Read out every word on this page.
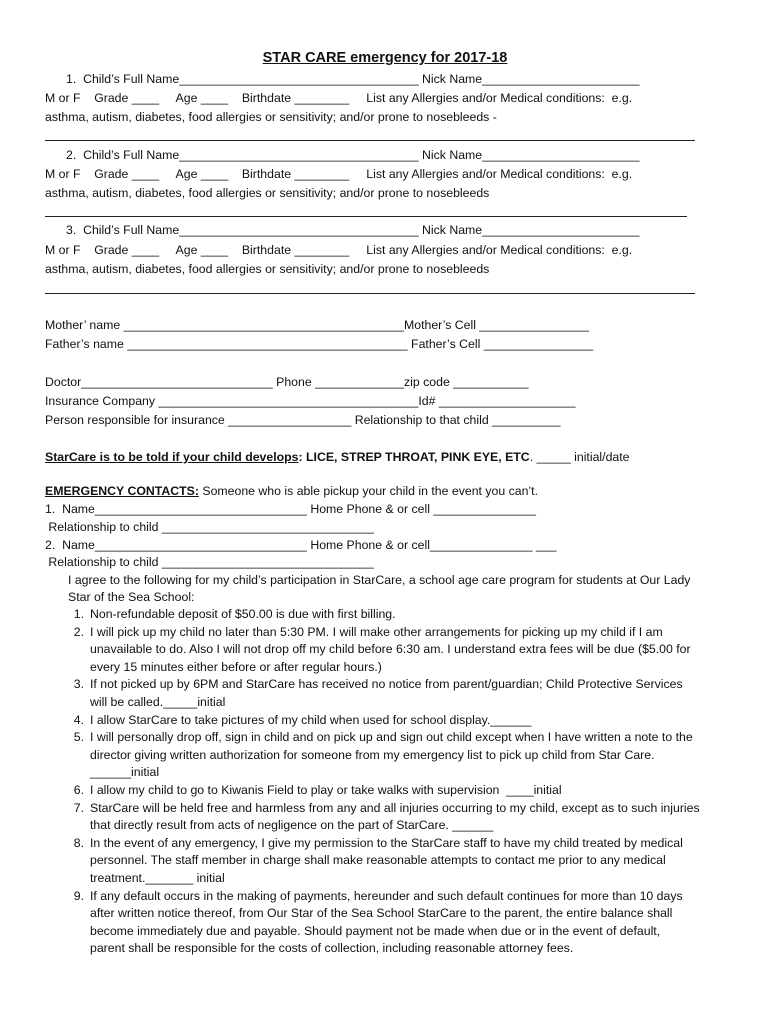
STAR CARE emergency for 2017-18
1.  Child’s Full Name___________________________________ Nick Name_______________________
M or F    Grade ____     Age ____    Birthdate ________     List any Allergies and/or Medical conditions:  e.g.
asthma, autism, diabetes, food allergies or sensitivity; and/or prone to nosebleeds -
2.  Child’s Full Name___________________________________ Nick Name_______________________
M or F    Grade ____     Age ____    Birthdate ________     List any Allergies and/or Medical conditions:  e.g.
asthma, autism, diabetes, food allergies or sensitivity; and/or prone to nosebleeds
3.  Child’s Full Name___________________________________ Nick Name_______________________
M or F    Grade ____     Age ____    Birthdate ________     List any Allergies and/or Medical conditions:  e.g.
asthma, autism, diabetes, food allergies or sensitivity; and/or prone to nosebleeds
Mother’ name _________________________________________Mother’s Cell ________________
Father’s name _________________________________________ Father’s Cell ________________
Doctor____________________________ Phone _____________zip code ___________
Insurance Company ______________________________________Id# ____________________
Person responsible for insurance __________________ Relationship to that child __________
StarCare is to be told if your child develops: LICE, STREP THROAT, PINK EYE, ETC. _____ initial/date
EMERGENCY CONTACTS: Someone who is able pickup your child in the event you can’t.
1.  Name_______________________________ Home Phone & or cell _______________
Relationship to child _______________________________
2.  Name_______________________________ Home Phone & or cell_______________ ___
Relationship to child _______________________________
I agree to the following for my child’s participation in StarCare, a school age care program for students at Our Lady
Star of the Sea School:
1. Non-refundable deposit of $50.00 is due with first billing.
2. I will pick up my child no later than 5:30 PM. I will make other arrangements for picking up my child if I am
unavailable to do. Also I will not drop off my child before 6:30 am. I understand extra fees will be due ($5.00 for
every 15 minutes either before or after regular hours.)
3. If not picked up by 6PM and StarCare has received no notice from parent/guardian; Child Protective Services
will be called._____initial
4. I allow StarCare to take pictures of my child when used for school display.______
5. I will personally drop off, sign in child and on pick up and sign out child except when I have written a note to the
director giving written authorization for someone from my emergency list to pick up child from Star Care.
______initial
6. I allow my child to go to Kiwanis Field to play or take walks with supervision  ____initial
7. StarCare will be held free and harmless from any and all injuries occurring to my child, except as to such injuries
that directly result from acts of negligence on the part of StarCare. ______
8. In the event of any emergency, I give my permission to the StarCare staff to have my child treated by medical
personnel. The staff member in charge shall make reasonable attempts to contact me prior to any medical
treatment._______ initial
9. If any default occurs in the making of payments, hereunder and such default continues for more than 10 days
after written notice thereof, from Our Star of the Sea School StarCare to the parent, the entire balance shall
become immediately due and payable. Should payment not be made when due or in the event of default,
parent shall be responsible for the costs of collection, including reasonable attorney fees.
